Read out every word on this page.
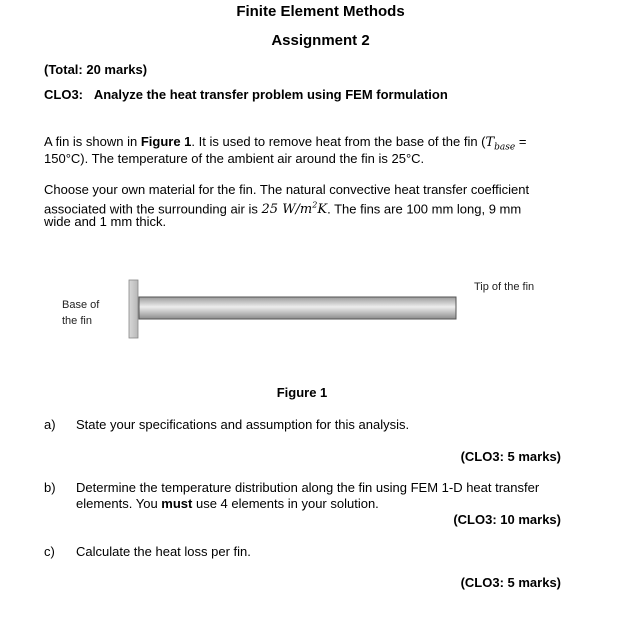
Finite Element Methods
Assignment 2
(Total: 20 marks)
CLO3: Analyze the heat transfer problem using FEM formulation
A fin is shown in Figure 1. It is used to remove heat from the base of the fin ($T_{base}$ =
150°C). The temperature of the ambient air around the fin is 25°C.
Choose your own material for the fin. The natural convective heat transfer coefficient
associated with the surrounding air is 25 $W/m^2K$. The fins are 100 mm long, 9 mm
wide and 1 mm thick.
Base of
the fin
Tip of the fin
Figure 1
a) State your specifications and assumption for this analysis.
(CLO3: 5 marks)
b) Determine the temperature distribution along the fin using FEM 1-D heat transfer
elements. You must use 4 elements in your solution.
(CLO3: 10 marks)
c) Calculate the heat loss per fin.
(CLO3: 5 marks)
